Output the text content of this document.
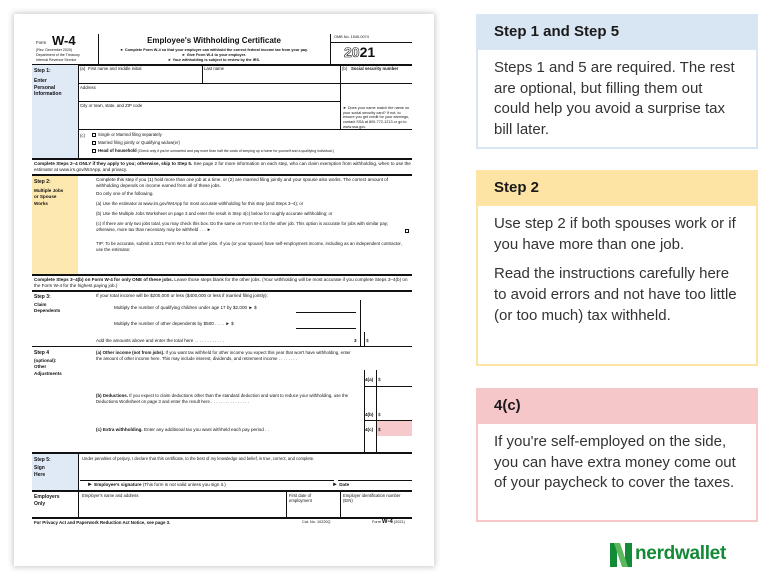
Form W-4
(Rev. December 2020)
Department of the Treasury
Internal Revenue Service
Employee's Withholding Certificate
► Complete Form W-4 so that your employer can withhold the correct federal income tax from your pay.
► Give Form W-4 to your employer.
► Your withholding is subject to review by the IRS.
OMB No. 1545-0074
2021
Step 1:
Enter
Personal
Information
(a) First name and middle initial	Last name	(b) Social security number
Address
City or town, state, and ZIP code	► Does your name match the name on your social security card? If not, to ensure you get credit for your earnings, contact SSA at 800-772-1213 or go to www.ssa.gov.
(c)	Single or Married filing separately
Married filing jointly or Qualifying widow(er)
Head of household (Check only if you're unmarried and pay more than half the costs of keeping up a home for yourself and a qualifying individual.)
Complete Steps 2–4 ONLY if they apply to you; otherwise, skip to Step 5. See page 2 for more information on each step, who can claim exemption from withholding, when to use the estimator at www.irs.gov/W4App, and privacy.
Step 2:
Multiple Jobs
or Spouse
Works
Complete this step if you (1) hold more than one job at a time, or (2) are married filing jointly and your spouse also works. The correct amount of withholding depends on income earned from all of these jobs.
Do only one of the following.
(a) Use the estimator at www.irs.gov/W4App for most accurate withholding for this step (and Steps 3–4); or
(b) Use the Multiple Jobs Worksheet on page 3 and enter the result in Step 4(c) below for roughly accurate withholding; or
(c) If there are only two jobs total, you may check this box. Do the same on Form W-4 for the other job. This option is accurate for jobs with similar pay; otherwise, more tax than necessary may be withheld . . . ►
TIP: To be accurate, submit a 2021 Form W-4 for all other jobs. If you (or your spouse) have self-employment income, including as an independent contractor, use the estimator.
Complete Steps 3–4(b) on Form W-4 for only ONE of these jobs. Leave those steps blank for the other jobs. (Your withholding will be most accurate if you complete Steps 3–4(b) on the Form W-4 for the highest paying job.)
Step 3:
Claim
Dependents
If your total income will be $200,000 or less ($400,000 or less if married filing jointly):
Multiply the number of qualifying children under age 17 by $2,000 ► $
Multiply the number of other dependents by $500 . . . . ► $
Add the amounts above and enter the total here . . . . . . . . . . . .	3 $
Step 4
(optional):
Other
Adjustments
(a) Other income (not from jobs). If you want tax withheld for other income you expect this year that won't have withholding, enter the amount of other income here. This may include interest, dividends, and retirement income . . . . . . . .
4(a) $
(b) Deductions. If you expect to claim deductions other than the standard deduction and want to reduce your withholding, use the Deductions Worksheet on page 3 and enter the result here . . . . . . . . . . . . . . . .
4(b) $
(c) Extra withholding. Enter any additional tax you want withheld each pay period . .	4(c) $
Step 5:
Sign
Here
Under penalties of perjury, I declare that this certificate, to the best of my knowledge and belief, is true, correct, and complete.
► Employee's signature (This form is not valid unless you sign it.)	► Date
Employers
Only
Employer's name and address	First date of employment
Employer identification number (EIN)
For Privacy Act and Paperwork Reduction Act Notice, see page 3.	Cat. No. 10220Q	Form W-4 (2021)
Step 1 and Step 5

Steps 1 and 5 are required. The rest are optional, but filling them out could help you avoid a surprise tax bill later.

Step 2

Use step 2 if both spouses work or if you have more than one job.

Read the instructions carefully here to avoid errors and not have too little (or too much) tax withheld.

4(c)

If you're self-employed on the side, you can have extra money come out of your paycheck to cover the taxes.

nerdwallet
